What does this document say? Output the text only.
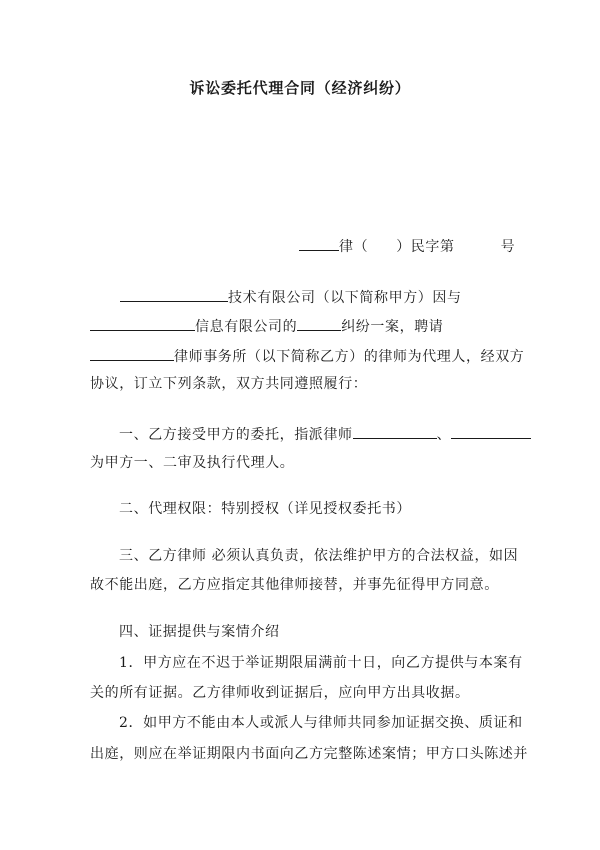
诉讼委托代理合同（经济纠纷）
律（ ）民字第	号
技术有限公司（以下简称甲方）因与
信息有限公司的	纠纷一案，聘请
律师事务所（以下简称乙方）的律师为代理人，经双方
协议，订立下列条款，双方共同遵照履行：
一、乙方接受甲方的委托，指派律师	、
为甲方一、二审及执行代理人。
二、代理权限：特别授权（详见授权委托书）
三、乙方律师 必须认真负责，依法维护甲方的合法权益，如因
故不能出庭，乙方应指定其他律师接替，并事先征得甲方同意。
四、证据提供与案情介绍
1．甲方应在不迟于举证期限届满前十日，向乙方提供与本案有
关的所有证据。乙方律师收到证据后，应向甲方出具收据。
2．如甲方不能由本人或派人与律师共同参加证据交换、质证和
出庭，则应在举证期限内书面向乙方完整陈述案情；甲方口头陈述并
